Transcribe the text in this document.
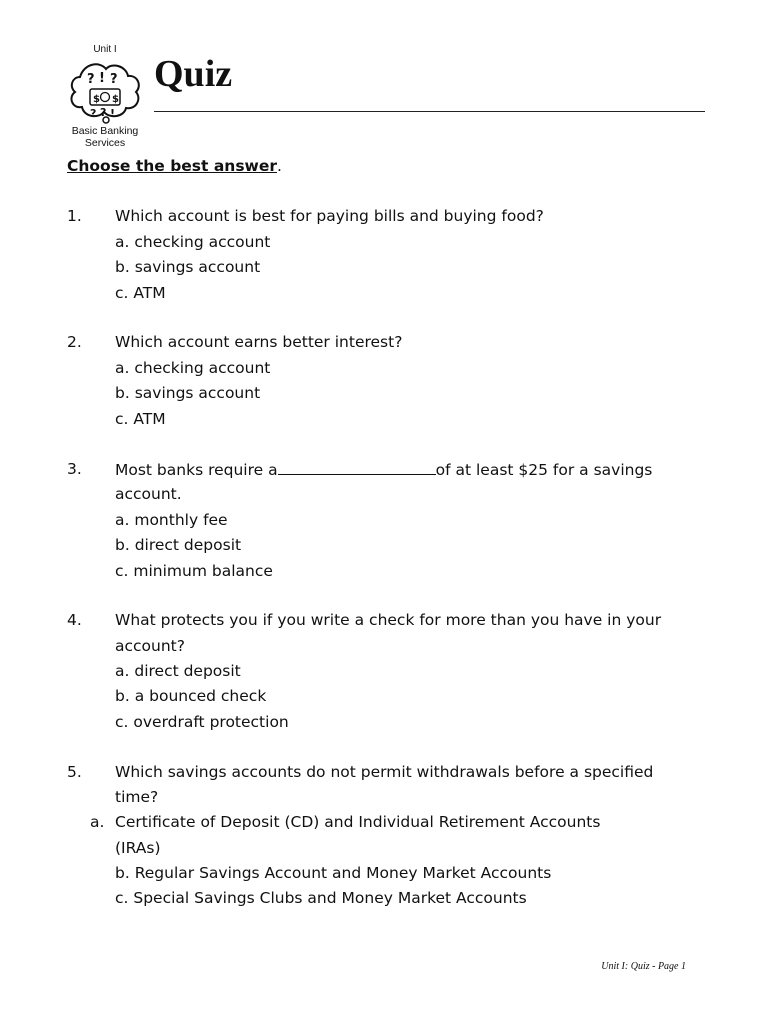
Unit I
? ! ?
$ $
? ? !
Basic Banking
Services
Quiz
Choose the best answer.
1. Which account is best for paying bills and buying food?
a. checking account
b. savings account
c. ATM
2. Which account earns better interest?
a. checking account
b. savings account
c. ATM
3. Most banks require a	of at least $25 for a savings
account.
a. monthly fee
b. direct deposit
c. minimum balance
4. What protects you if you write a check for more than you have in your
account?
a. direct deposit
b. a bounced check
c. overdraft protection
5. Which savings accounts do not permit withdrawals before a specified
time?
a. Certificate of Deposit (CD) and Individual Retirement Accounts
(IRAs)
b. Regular Savings Account and Money Market Accounts
c. Special Savings Clubs and Money Market Accounts
Unit I: Quiz - Page 1
